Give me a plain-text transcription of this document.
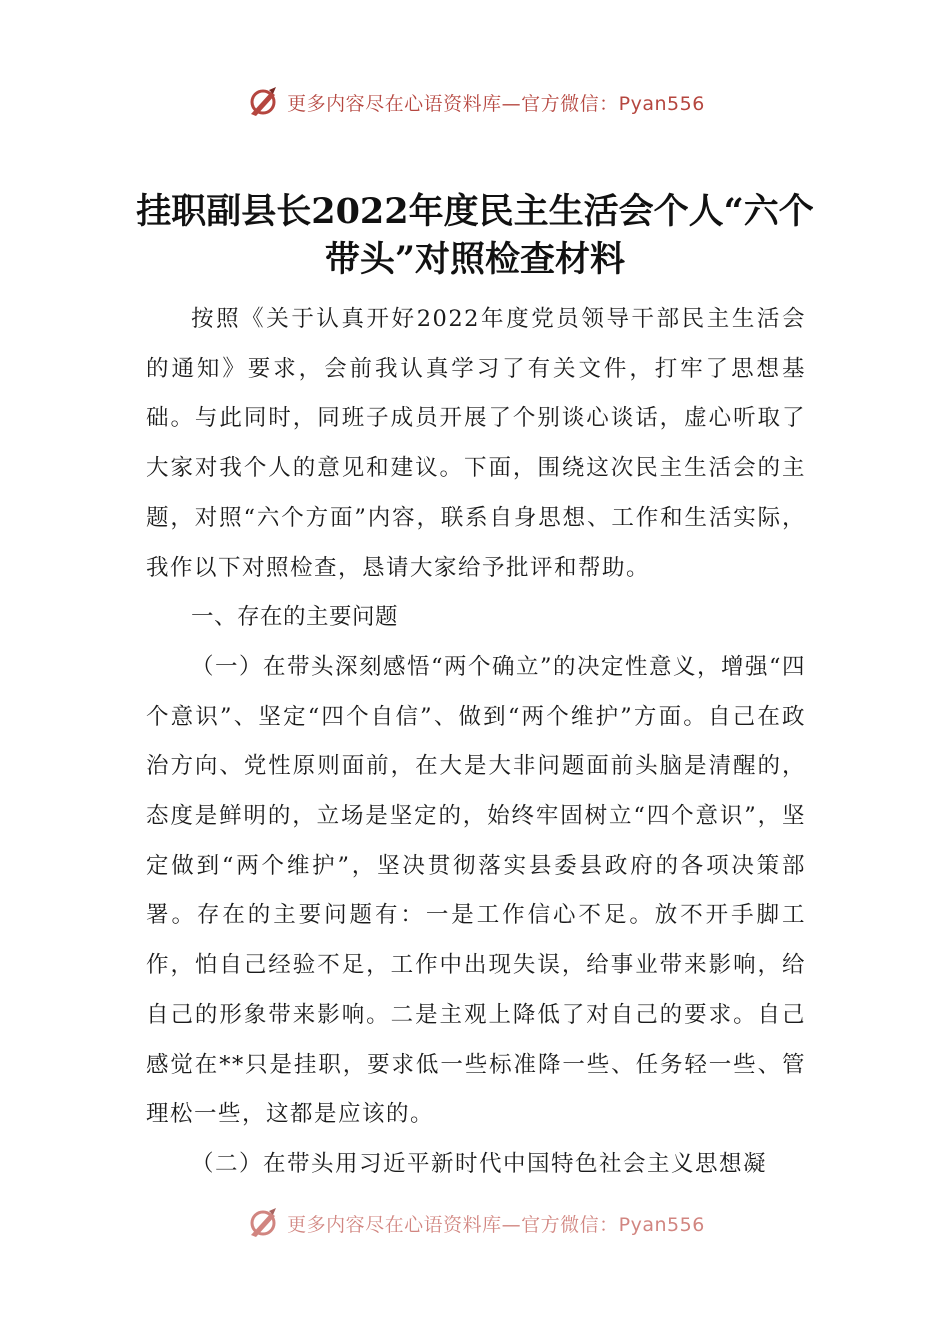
更多内容尽在心语资料库—官方微信：Pyan556
挂职副县长2022年度民主生活会个人“六个带头”对照检查材料

按照《关于认真开好2022年度党员领导干部民主生活会的通知》要求，会前我认真学习了有关文件，打牢了思想基础。与此同时，同班子成员开展了个别谈心谈话，虚心听取了大家对我个人的意见和建议。下面，围绕这次民主生活会的主题，对照“六个方面”内容，联系自身思想、工作和生活实际，我作以下对照检查，恳请大家给予批评和帮助。

一、存在的主要问题

（一）在带头深刻感悟“两个确立”的决定性意义，增强“四个意识”、坚定“四个自信”、做到“两个维护”方面。自己在政治方向、党性原则面前，在大是大非问题面前头脑是清醒的，态度是鲜明的，立场是坚定的，始终牢固树立“四个意识”，坚定做到“两个维护”，坚决贯彻落实县委县政府的各项决策部署。存在的主要问题有：一是工作信心不足。放不开手脚工作，怕自己经验不足，工作中出现失误，给事业带来影响，给自己的形象带来影响。二是主观上降低了对自己的要求。自己感觉在**只是挂职，要求低一些标准降一些、任务轻一些、管理松一些，这都是应该的。

（二）在带头用习近平新时代中国特色社会主义思想凝

更多内容尽在心语资料库—官方微信：Pyan556
